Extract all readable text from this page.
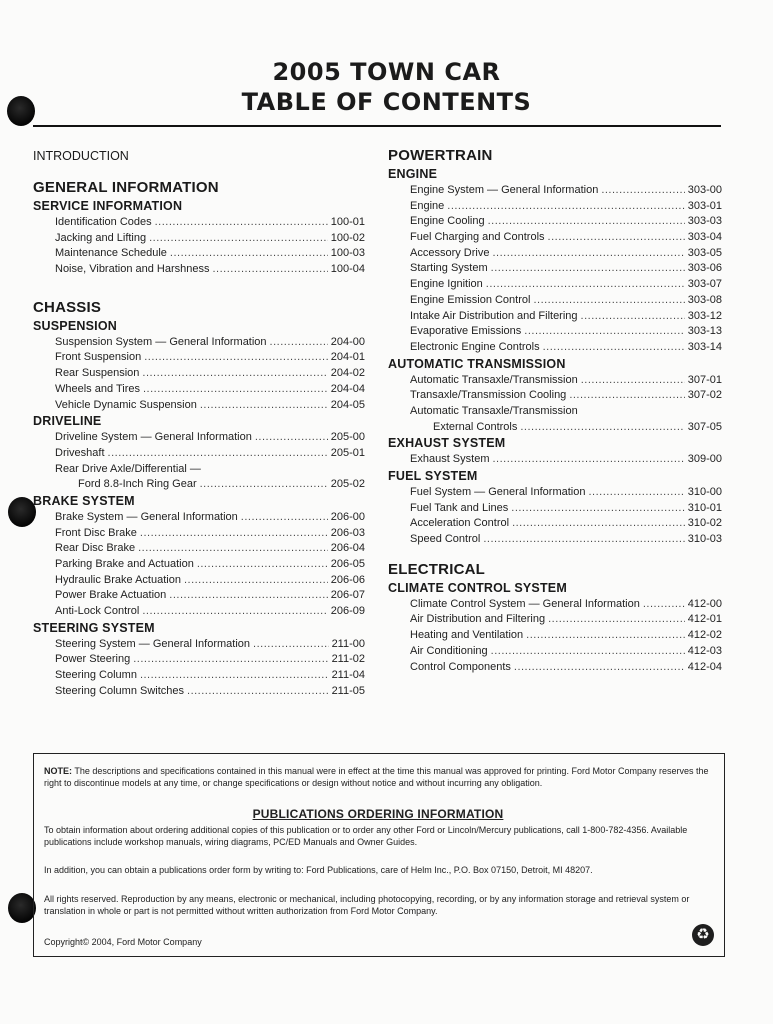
2005 TOWN CAR
TABLE OF CONTENTS
INTRODUCTION
GENERAL INFORMATION
SERVICE INFORMATION
Identification Codes .....	100-01
Jacking and Lifting .....	100-02
Maintenance Schedule .....	100-03
Noise, Vibration and Harshness .....	100-04
CHASSIS
SUSPENSION
Suspension System — General Information .....	204-00
Front Suspension .....	204-01
Rear Suspension .....	204-02
Wheels and Tires .....	204-04
Vehicle Dynamic Suspension .....	204-05
DRIVELINE
Driveline System — General Information .....	205-00
Driveshaft .....	205-01
Rear Drive Axle/Differential —
Ford 8.8-Inch Ring Gear .....	205-02
BRAKE SYSTEM
Brake System — General Information .....	206-00
Front Disc Brake .....	206-03
Rear Disc Brake .....	206-04
Parking Brake and Actuation .....	206-05
Hydraulic Brake Actuation .....	206-06
Power Brake Actuation .....	206-07
Anti-Lock Control .....	206-09
STEERING SYSTEM
Steering System — General Information .....	211-00
Power Steering .....	211-02
Steering Column .....	211-04
Steering Column Switches .....	211-05
POWERTRAIN
ENGINE
Engine System — General Information .....	303-00
Engine .....	303-01
Engine Cooling .....	303-03
Fuel Charging and Controls .....	303-04
Accessory Drive .....	303-05
Starting System .....	303-06
Engine Ignition .....	303-07
Engine Emission Control .....	303-08
Intake Air Distribution and Filtering .....	303-12
Evaporative Emissions .....	303-13
Electronic Engine Controls .....	303-14
AUTOMATIC TRANSMISSION
Automatic Transaxle/Transmission .....	307-01
Transaxle/Transmission Cooling .....	307-02
Automatic Transaxle/Transmission
External Controls .....	307-05
EXHAUST SYSTEM
Exhaust System .....	309-00
FUEL SYSTEM
Fuel System — General Information .....	310-00
Fuel Tank and Lines .....	310-01
Acceleration Control .....	310-02
Speed Control .....	310-03
ELECTRICAL
CLIMATE CONTROL SYSTEM
Climate Control System — General Information .....	412-00
Air Distribution and Filtering .....	412-01
Heating and Ventilation .....	412-02
Air Conditioning .....	412-03
Control Components .....	412-04

NOTE: The descriptions and specifications contained in this manual were in effect at the time this manual was approved for printing. Ford Motor Company reserves the right to discontinue models at any time, or change specifications or design without notice and without incurring any obligation.

PUBLICATIONS ORDERING INFORMATION

To obtain information about ordering additional copies of this publication or to order any other Ford or Lincoln/Mercury publications, call 1-800-782-4356. Available publications include workshop manuals, wiring diagrams, PC/ED Manuals and Owner Guides.

In addition, you can obtain a publications order form by writing to: Ford Publications, care of Helm Inc., P.O. Box 07150, Detroit, MI 48207.

All rights reserved. Reproduction by any means, electronic or mechanical, including photocopying, recording, or by any information storage and retrieval system or translation in whole or part is not permitted without written authorization from Ford Motor Company.

Copyright© 2004, Ford Motor Company	♻
